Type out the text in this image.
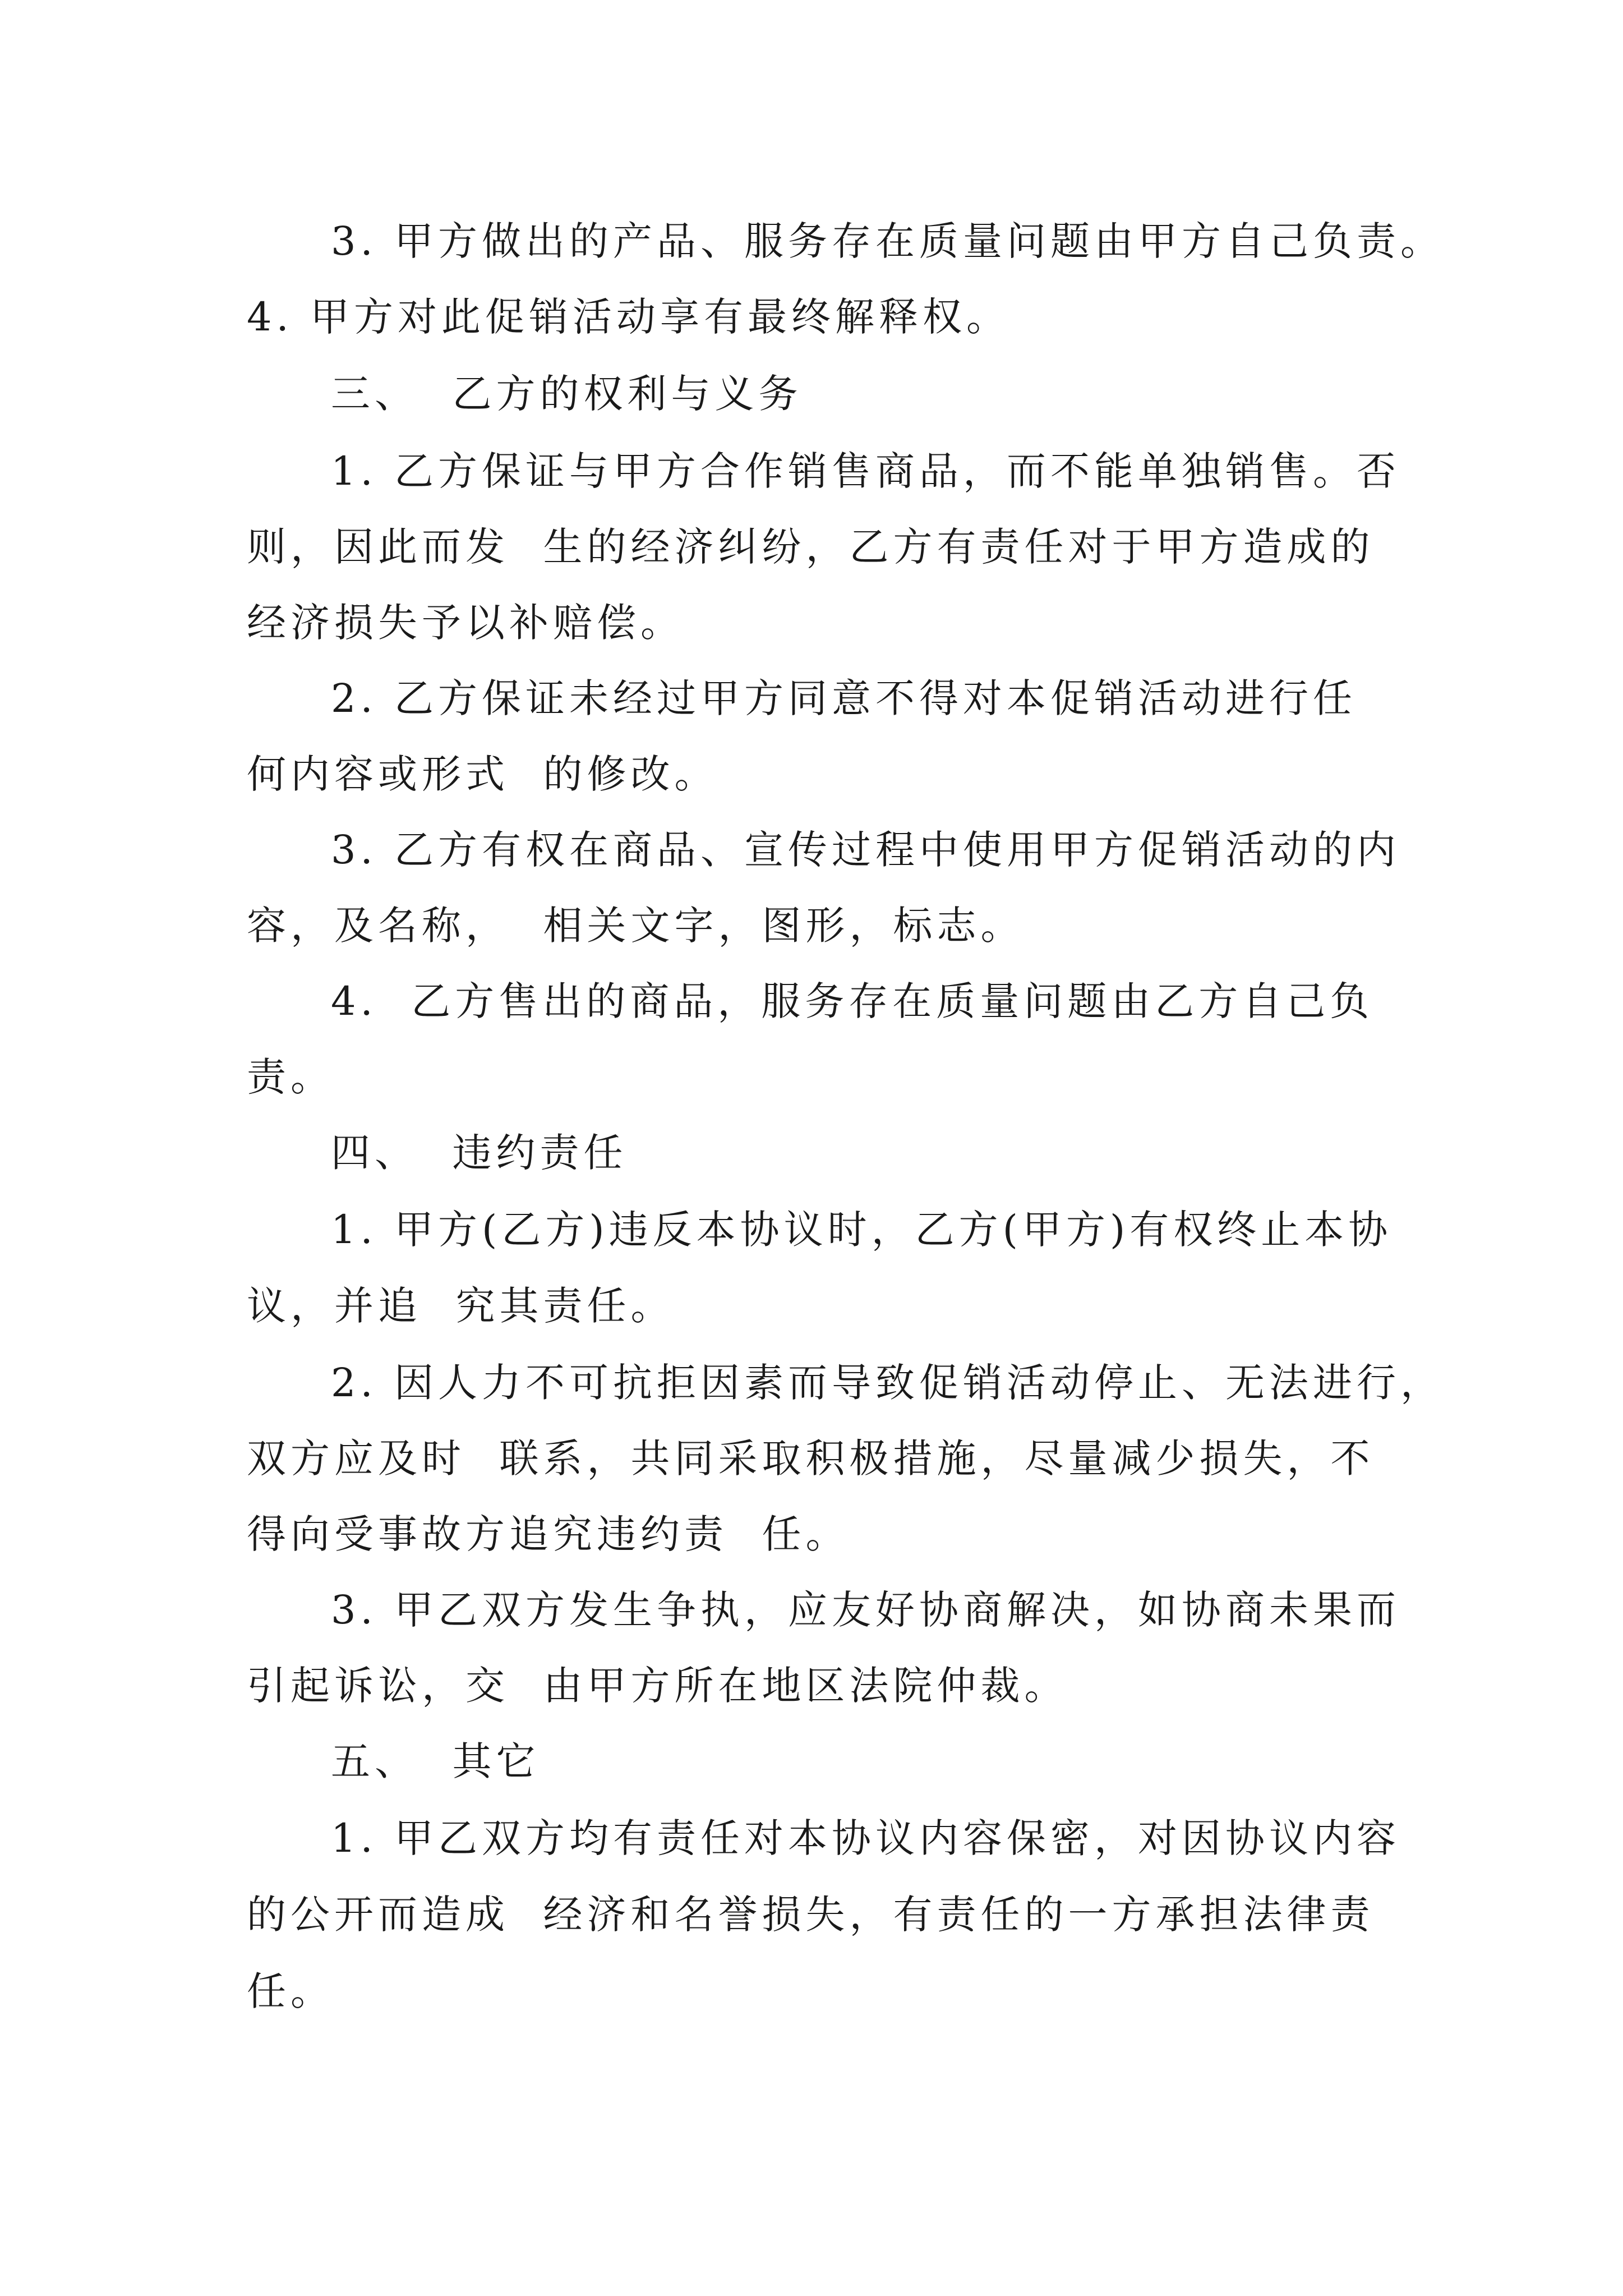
3. 甲方做出的产品、服务存在质量问题由甲方自己负责。
4. 甲方对此促销活动享有最终解释权。
三、  乙方的权利与义务
1. 乙方保证与甲方合作销售商品，而不能单独销售。否
则，因此而发  生的经济纠纷，乙方有责任对于甲方造成的
经济损失予以补赔偿。
2. 乙方保证未经过甲方同意不得对本促销活动进行任
何内容或形式  的修改。
3. 乙方有权在商品、宣传过程中使用甲方促销活动的内
容，及名称，  相关文字，图形，标志。
4.  乙方售出的商品，服务存在质量问题由乙方自己负
责。
四、  违约责任
1. 甲方(乙方)违反本协议时，乙方(甲方)有权终止本协
议，并追  究其责任。
2. 因人力不可抗拒因素而导致促销活动停止、无法进行，
双方应及时  联系，共同采取积极措施，尽量减少损失，不
得向受事故方追究违约责  任。
3. 甲乙双方发生争执，应友好协商解决，如协商未果而
引起诉讼，交  由甲方所在地区法院仲裁。
五、  其它
1. 甲乙双方均有责任对本协议内容保密，对因协议内容
的公开而造成  经济和名誉损失，有责任的一方承担法律责
任。
